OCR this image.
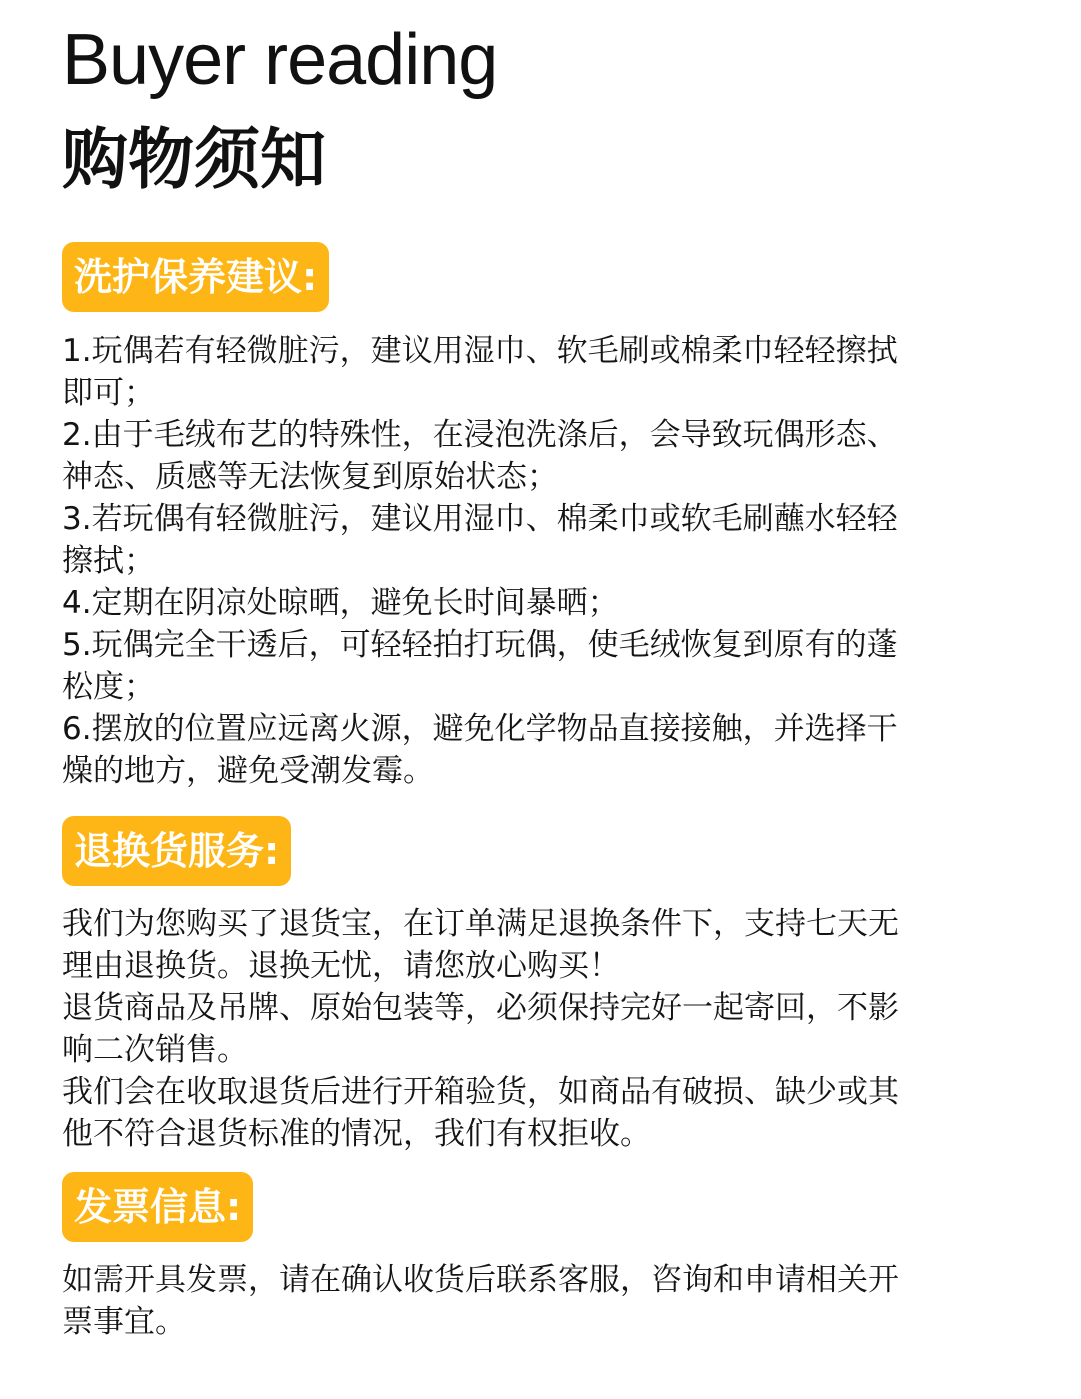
Buyer reading
购物须知
洗护保养建议:
1.玩偶若有轻微脏污，建议用湿巾、软毛刷或棉柔巾轻轻擦拭
即可；
2.由于毛绒布艺的特殊性，在浸泡洗涤后，会导致玩偶形态、
神态、质感等无法恢复到原始状态；
3.若玩偶有轻微脏污，建议用湿巾、棉柔巾或软毛刷蘸水轻轻
擦拭；
4.定期在阴凉处晾晒，避免长时间暴晒；
5.玩偶完全干透后，可轻轻拍打玩偶，使毛绒恢复到原有的蓬
松度；
6.摆放的位置应远离火源，避免化学物品直接接触，并选择干
燥的地方，避免受潮发霉。
退换货服务:
我们为您购买了退货宝，在订单满足退换条件下，支持七天无
理由退换货。退换无忧，请您放心购买！
退货商品及吊牌、原始包装等，必须保持完好一起寄回，不影
响二次销售。
我们会在收取退货后进行开箱验货，如商品有破损、缺少或其
他不符合退货标准的情况，我们有权拒收。
发票信息:
如需开具发票，请在确认收货后联系客服，咨询和申请相关开
票事宜。
